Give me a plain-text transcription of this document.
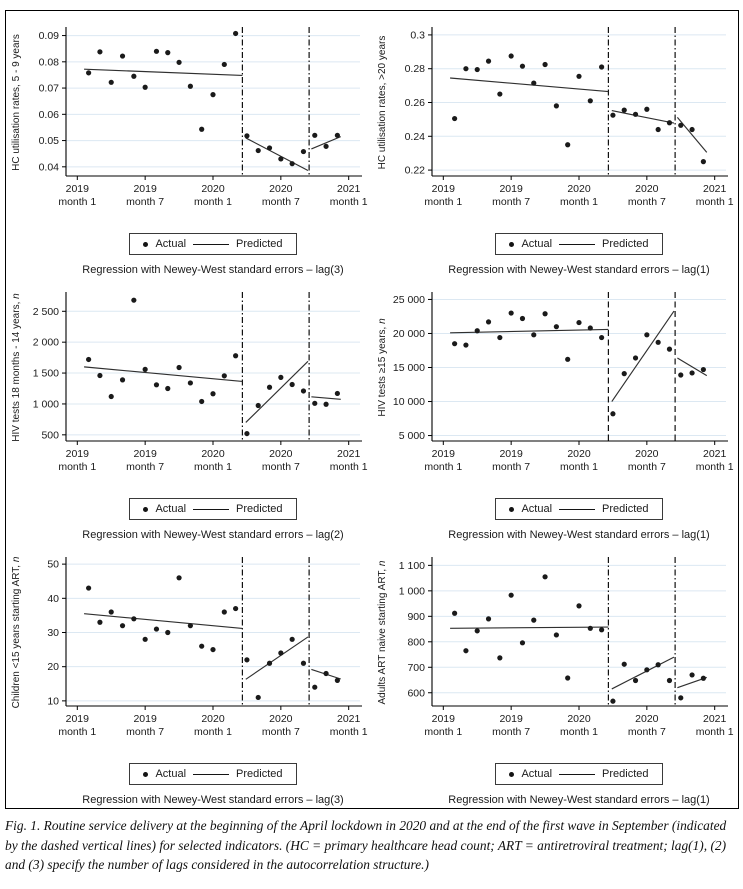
0.04
0.05
0.06
0.07
0.08
0.09
2019 month 1
2019 month 7
2020 month 1
2020 month 7
2021 month 1
HC utilisation rates, 5 - 9 years
Actual	Predicted
Regression with Newey-West standard errors – lag(3)
0.22
0.24
0.26
0.28
0.3
2019 month 1
2019 month 7
2020 month 1
2020 month 7
2021 month 1
HC utilisation rates, >20 years
Actual	Predicted
Regression with Newey-West standard errors – lag(1)
500
1 000
1 500
2 000
2 500
2019 month 1
2019 month 7
2020 month 1
2020 month 7
2021 month 1
HIV tests 18 months - 14 years, n
Actual	Predicted
Regression with Newey-West standard errors – lag(2)
5 000
10 000
15 000
20 000
25 000
2019 month 1
2019 month 7
2020 month 1
2020 month 7
2021 month 1
HIV tests ≥15 years, n
Actual	Predicted
Regression with Newey-West standard errors – lag(1)
10
20
30
40
50
2019 month 1
2019 month 7
2020 month 1
2020 month 7
2021 month 1
Children <15 years starting ART, n
Actual	Predicted
Regression with Newey-West standard errors – lag(3)
600
700
800
900
1 000
1 100
2019 month 1
2019 month 7
2020 month 1
2020 month 7
2021 month 1
Adults ART naive starting ART, n
Actual	Predicted
Regression with Newey-West standard errors – lag(1)
Fig. 1. Routine service delivery at the beginning of the April lockdown in 2020 and at the end of the first wave in September (indicated by the dashed vertical lines) for selected indicators. (HC = primary healthcare head count; ART = antiretroviral treatment; lag(1), (2) and (3) specify the number of lags considered in the autocorrelation structure.)
